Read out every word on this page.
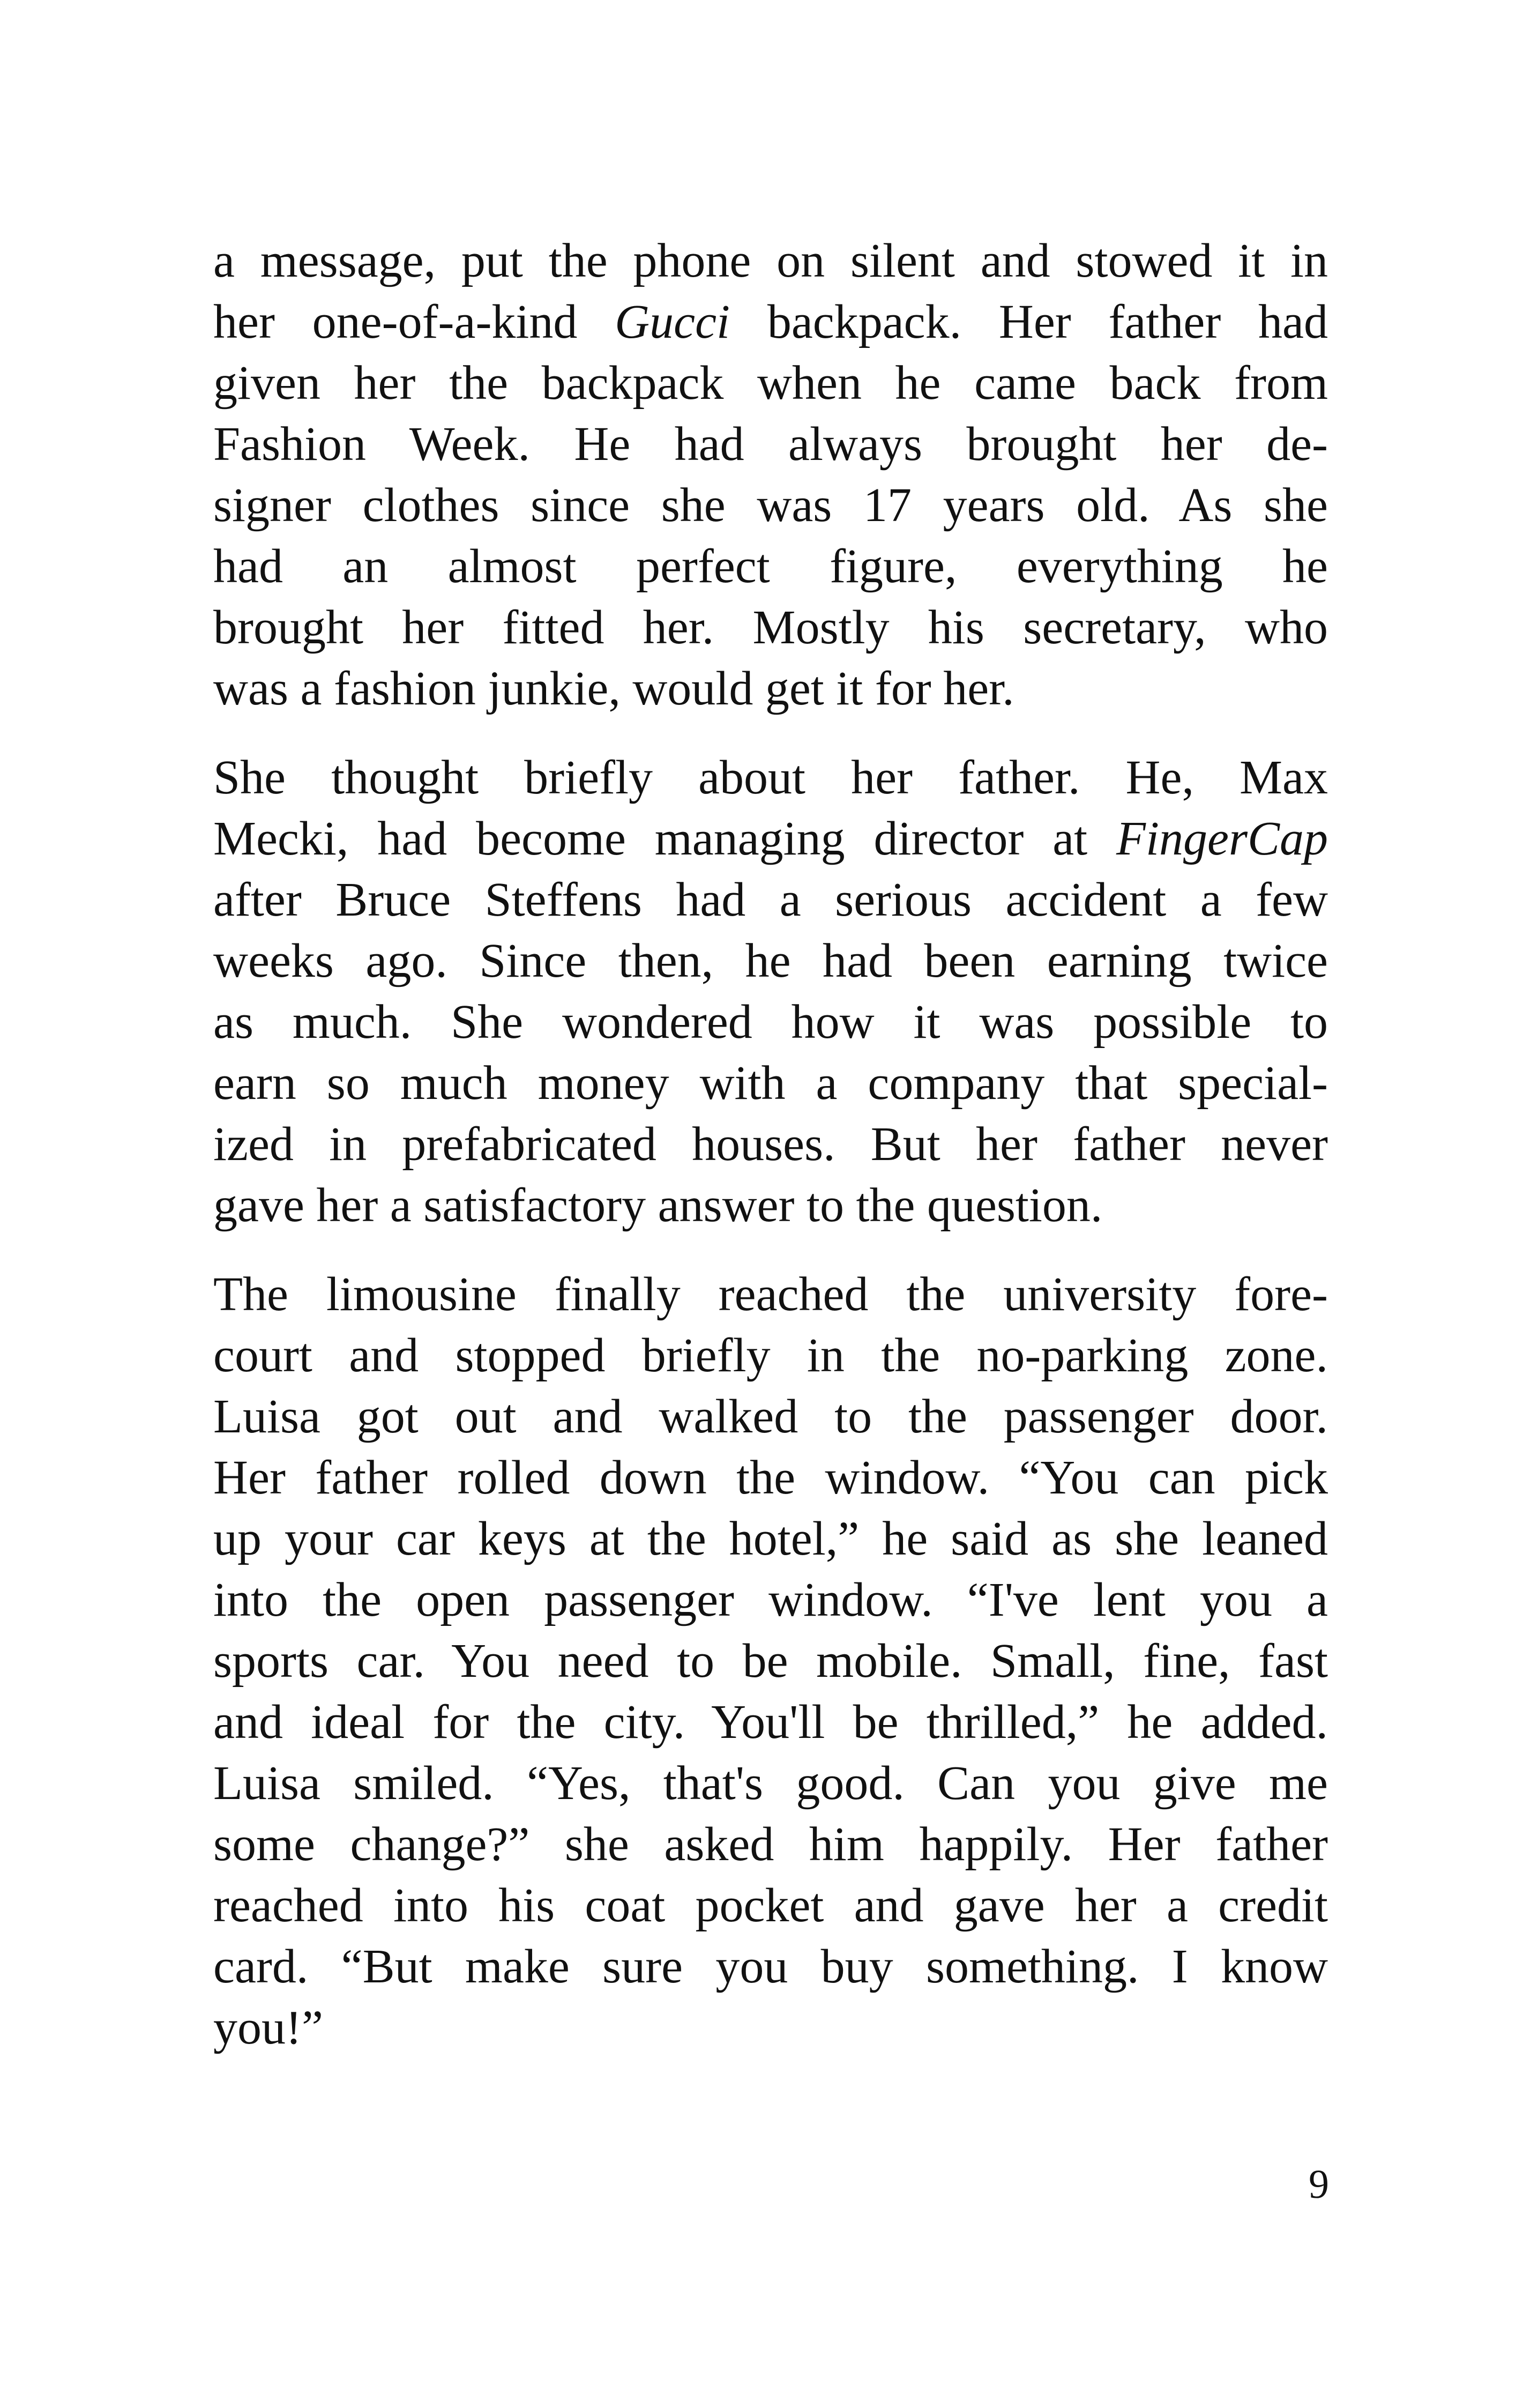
a message, put the phone on silent and stowed it in
her one-of-a-kind Gucci backpack. Her father had
given her the backpack when he came back from
Fashion Week. He had always brought her de-
signer clothes since she was 17 years old. As she
had an almost perfect figure, everything he
brought her fitted her. Mostly his secretary, who
was a fashion junkie, would get it for her.

She thought briefly about her father. He, Max
Mecki, had become managing director at FingerCap
after Bruce Steffens had a serious accident a few
weeks ago. Since then, he had been earning twice
as much. She wondered how it was possible to
earn so much money with a company that special-
ized in prefabricated houses. But her father never
gave her a satisfactory answer to the question.

The limousine finally reached the university fore-
court and stopped briefly in the no-parking zone.
Luisa got out and walked to the passenger door.
Her father rolled down the window. “You can pick
up your car keys at the hotel,” he said as she leaned
into the open passenger window. “I've lent you a
sports car. You need to be mobile. Small, fine, fast
and ideal for the city. You'll be thrilled,” he added.
Luisa smiled. “Yes, that's good. Can you give me
some change?” she asked him happily. Her father
reached into his coat pocket and gave her a credit
card. “But make sure you buy something. I know
you!”

9
